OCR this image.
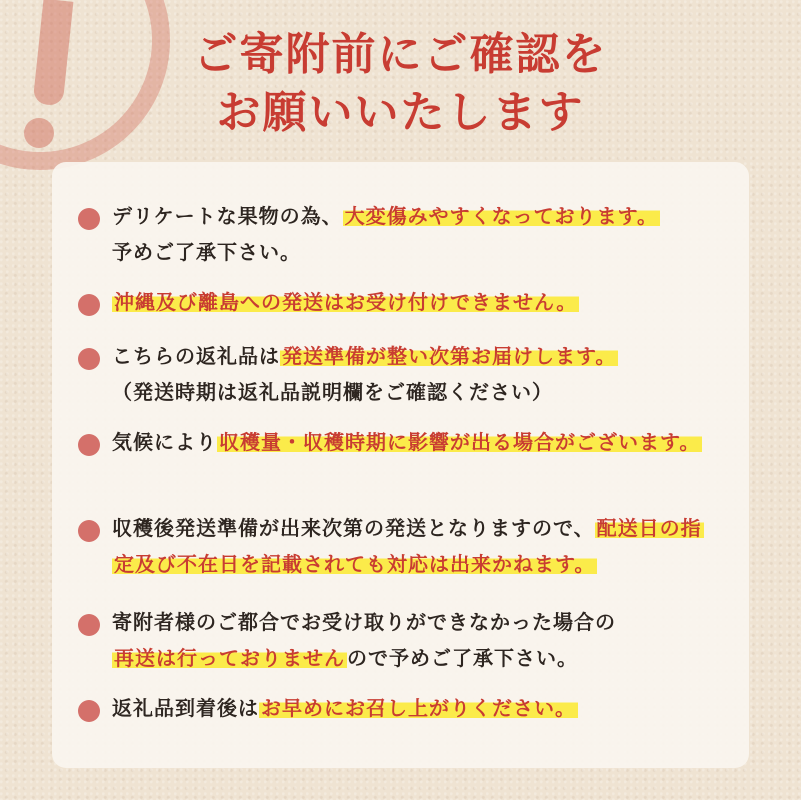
ご寄附前にご確認を
お願いいたします
デリケートな果物の為、 大変傷みやすくなっております。
予めご了承下さい。
沖縄及び離島への発送はお受け付けできません。
こちらの返礼品は 発送準備が整い次第お届けします。
（発送時期は返礼品説明欄をご確認ください）
気候により 収穫量・収穫時期に影響が出る場合がございます。
収穫後発送準備が出来次第の発送となりますので、 配送日の指定及び不在日を記載されても対応は出来かねます。
寄附者様のご都合でお受け取りができなかった場合の
再送は行っておりません ので予めご了承下さい。
返礼品到着後は お早めにお召し上がりください。
